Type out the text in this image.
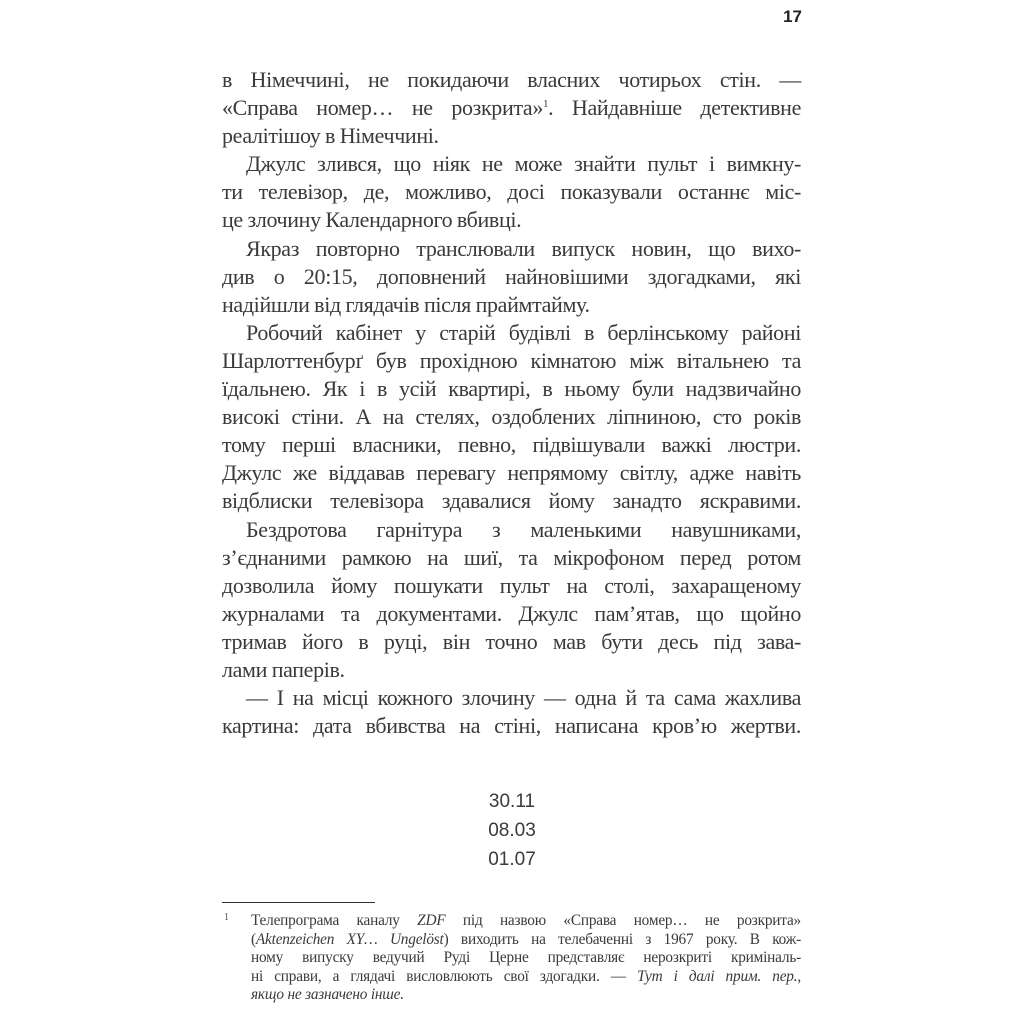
17
в Німеччині, не покидаючи власних чотирьох стін. —
«Справа номер… не розкрита»$^1$. Найдавніше детективне
реалітішоу в Німеччині.
Джулс злився, що ніяк не може знайти пульт і вимкну-
ти телевізор, де, можливо, досі показували останнє міс-
це злочину Календарного вбивці.
Якраз повторно транслювали випуск новин, що вихо-
див о 20:15, доповнений найновішими здогадками, які
надійшли від глядачів після праймтайму.
Робочий кабінет у старій будівлі в берлінському районі
Шарлоттенбурґ був прохідною кімнатою між вітальнею та
їдальнею. Як і в усій квартирі, в ньому були надзвичайно
високі стіни. А на стелях, оздоблених ліпниною, сто років
тому перші власники, певно, підвішували важкі люстри.
Джулс же віддавав перевагу непрямому світлу, адже навіть
відблиски телевізора здавалися йому занадто яскравими.
Бездротова гарнітура з маленькими навушниками,
з’єднаними рамкою на шиї, та мікрофоном перед ротом
дозволила йому пошукати пульт на столі, захаращеному
журналами та документами. Джулс пам’ятав, що щойно
тримав його в руці, він точно мав бути десь під зава-
лами паперів.
— І на місці кожного злочину — одна й та сама жахлива
картина: дата вбивства на стіні, написана кров’ю жертви.
30.11
08.03
01.07
1 Телепрограма каналу ZDF під назвою «Справа номер… не розкрита»
(Aktenzeichen XY… Ungelöst) виходить на телебаченні з 1967 року. В кож-
ному випуску ведучий Руді Церне представляє нерозкриті криміналь-
ні справи, а глядачі висловлюють свої здогадки. — Тут і далі прим. пер.,
якщо не зазначено інше.
